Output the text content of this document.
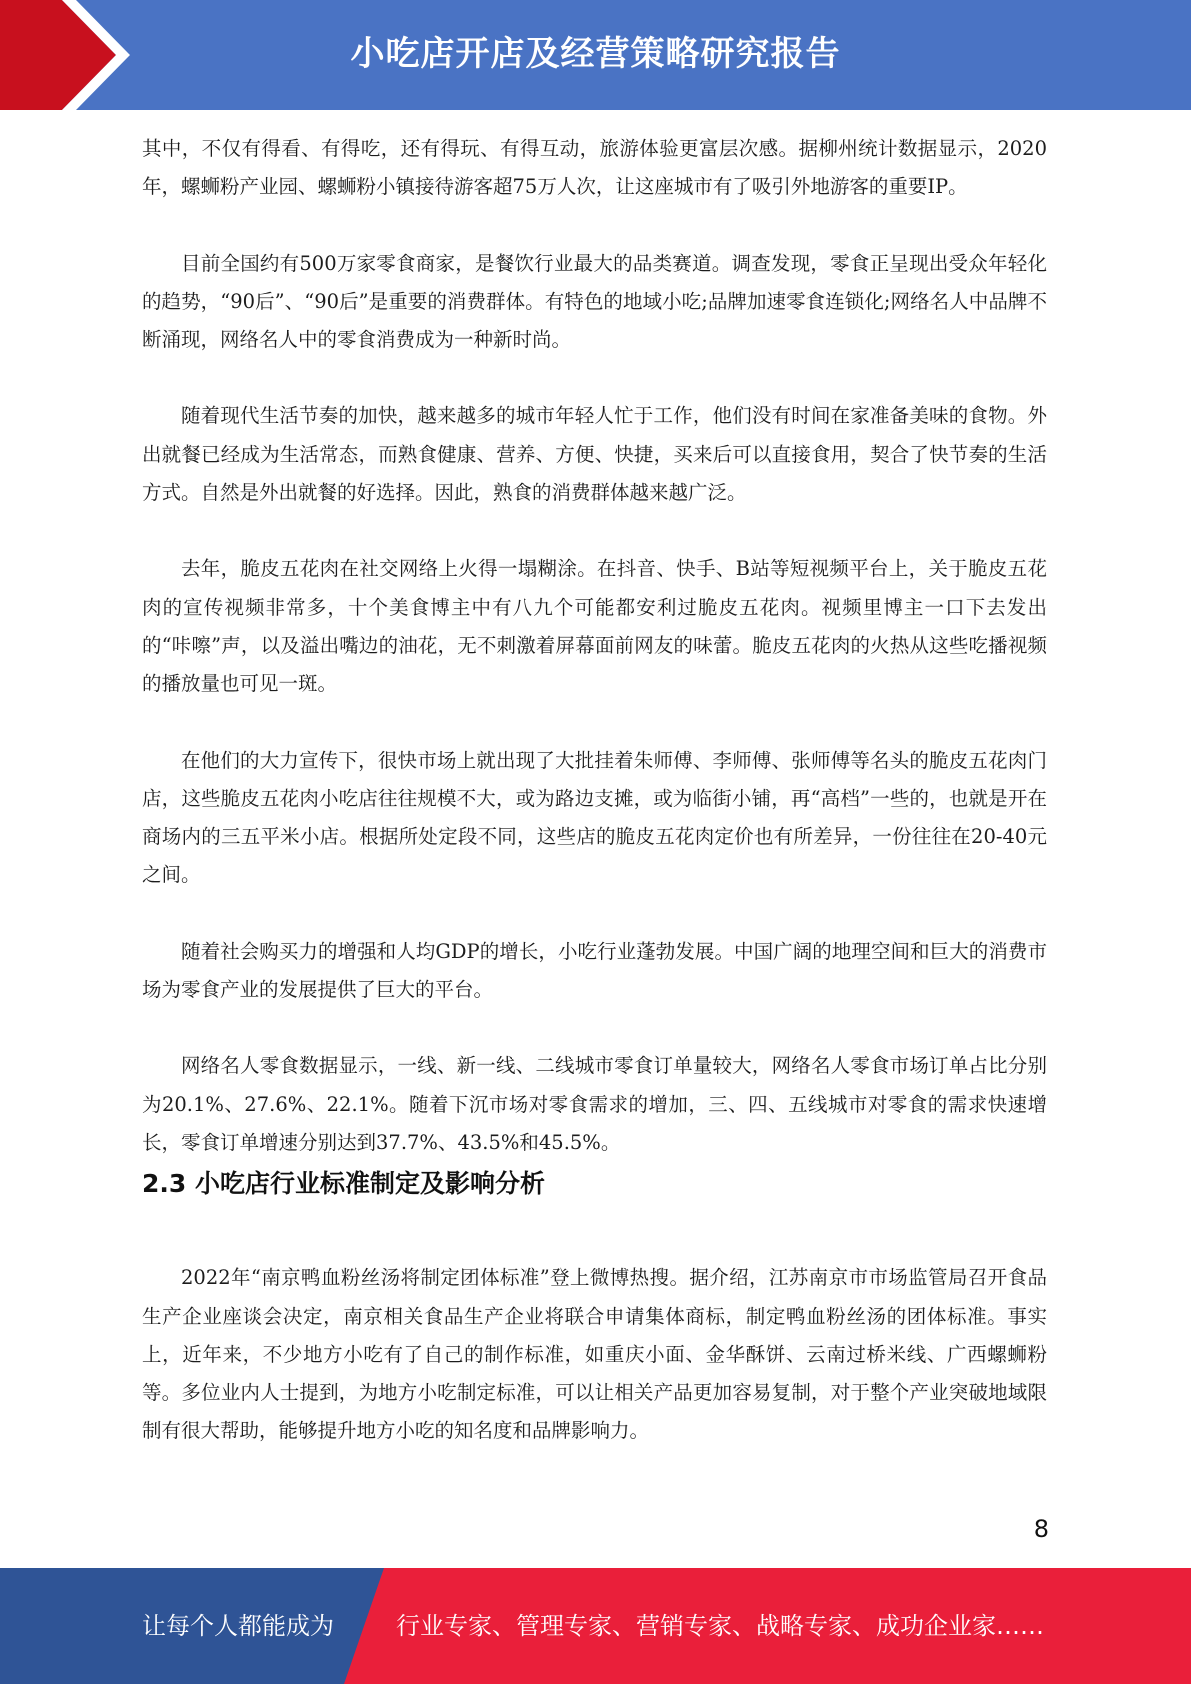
小吃店开店及经营策略研究报告

其中，不仅有得看、有得吃，还有得玩、有得互动，旅游体验更富层次感。据柳州统计数据显示，2020年，螺蛳粉产业园、螺蛳粉小镇接待游客超75万人次，让这座城市有了吸引外地游客的重要IP。

目前全国约有500万家零食商家，是餐饮行业最大的品类赛道。调查发现，零食正呈现出受众年轻化的趋势，“90后”、“90后”是重要的消费群体。有特色的地域小吃;品牌加速零食连锁化;网络名人中品牌不断涌现，网络名人中的零食消费成为一种新时尚。

随着现代生活节奏的加快，越来越多的城市年轻人忙于工作，他们没有时间在家准备美味的食物。外出就餐已经成为生活常态，而熟食健康、营养、方便、快捷，买来后可以直接食用，契合了快节奏的生活方式。自然是外出就餐的好选择。因此，熟食的消费群体越来越广泛。

去年，脆皮五花肉在社交网络上火得一塌糊涂。在抖音、快手、B站等短视频平台上，关于脆皮五花肉的宣传视频非常多，十个美食博主中有八九个可能都安利过脆皮五花肉。视频里博主一口下去发出的“咔嚓”声，以及溢出嘴边的油花，无不刺激着屏幕面前网友的味蕾。脆皮五花肉的火热从这些吃播视频的播放量也可见一斑。

在他们的大力宣传下，很快市场上就出现了大批挂着朱师傅、李师傅、张师傅等名头的脆皮五花肉门店，这些脆皮五花肉小吃店往往规模不大，或为路边支摊，或为临街小铺，再“高档”一些的，也就是开在商场内的三五平米小店。根据所处定段不同，这些店的脆皮五花肉定价也有所差异，一份往往在20-40元之间。

随着社会购买力的增强和人均GDP的增长，小吃行业蓬勃发展。中国广阔的地理空间和巨大的消费市场为零食产业的发展提供了巨大的平台。

网络名人零食数据显示，一线、新一线、二线城市零食订单量较大，网络名人零食市场订单占比分别为20.1%、27.6%、22.1%。随着下沉市场对零食需求的增加，三、四、五线城市对零食的需求快速增长，零食订单增速分别达到37.7%、43.5%和45.5%。

2.3 小吃店行业标准制定及影响分析

2022年“南京鸭血粉丝汤将制定团体标准”登上微博热搜。据介绍，江苏南京市市场监管局召开食品生产企业座谈会决定，南京相关食品生产企业将联合申请集体商标，制定鸭血粉丝汤的团体标准。事实上，近年来，不少地方小吃有了自己的制作标准，如重庆小面、金华酥饼、云南过桥米线、广西螺蛳粉等。多位业内人士提到，为地方小吃制定标准，可以让相关产品更加容易复制，对于整个产业突破地域限制有很大帮助，能够提升地方小吃的知名度和品牌影响力。

8
让每个人都能成为	行业专家、管理专家、营销专家、战略专家、成功企业家……
